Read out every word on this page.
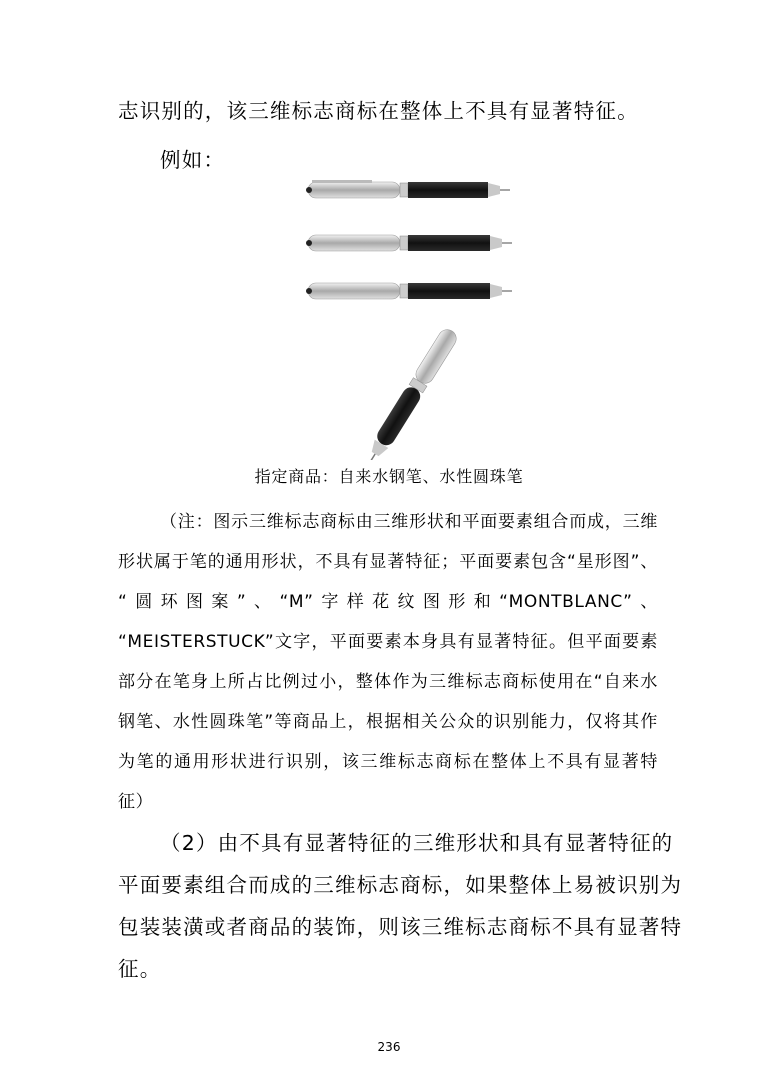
志识别的，该三维标志商标在整体上不具有显著特征。
例如：
指定商品：自来水钢笔、水性圆珠笔
（注：图示三维标志商标由三维形状和平面要素组合而成，三维
形状属于笔的通用形状，不具有显著特征；平面要素包含“星形图”、
“圆环图案”、“M”字样花纹图形和“MONTBLANC”、
“MEISTERSTUCK”文字，平面要素本身具有显著特征。但平面要素
部分在笔身上所占比例过小，整体作为三维标志商标使用在“自来水
钢笔、水性圆珠笔”等商品上，根据相关公众的识别能力，仅将其作
为笔的通用形状进行识别，该三维标志商标在整体上不具有显著特
征）
（2）由不具有显著特征的三维形状和具有显著特征的
平面要素组合而成的三维标志商标，如果整体上易被识别为
包装装潢或者商品的装饰，则该三维标志商标不具有显著特
征。
236
